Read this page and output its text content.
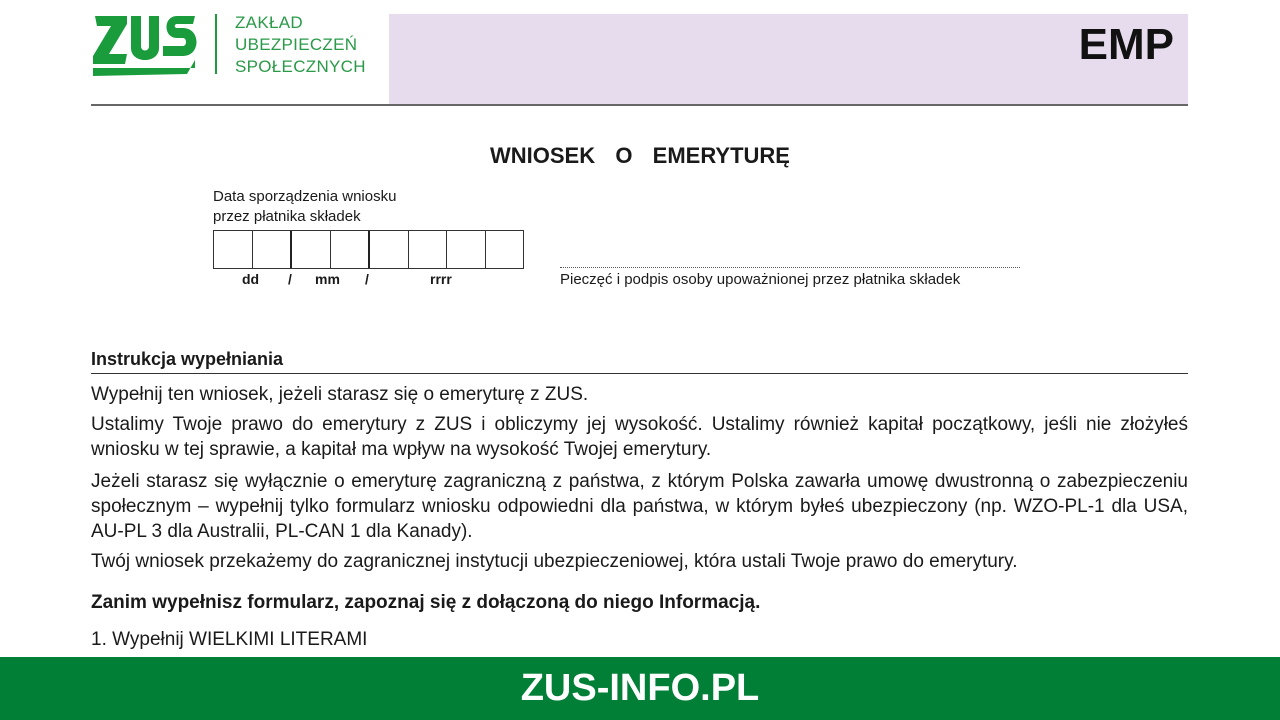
EMP
ZAKŁAD
UBEZPIECZEŃ
SPOŁECZNYCH
WNIOSEK  O  EMERYTURĘ
Data sporządzenia wniosku
przez płatnika składek
dd / mm /	rrrr	Pieczęć i podpis osoby upoważnionej przez płatnika składek
Instrukcja wypełniania
Wypełnij ten wniosek, jeżeli starasz się o emeryturę z ZUS.
Ustalimy Twoje prawo do emerytury z ZUS i obliczymy jej wysokość. Ustalimy również kapitał początkowy, jeśli nie złożyłeś wniosku w tej sprawie, a kapitał ma wpływ na wysokość Twojej emerytury.
Jeżeli starasz się wyłącznie o emeryturę zagraniczną z państwa, z którym Polska zawarła umowę dwustronną o zabezpieczeniu społecznym – wypełnij tylko formularz wniosku odpowiedni dla państwa, w którym byłeś ubezpieczony (np. WZO-PL-1 dla USA, AU-PL 3 dla Australii, PL-CAN 1 dla Kanady).
Twój wniosek przekażemy do zagranicznej instytucji ubezpieczeniowej, która ustali Twoje prawo do emerytury.
Zanim wypełnisz formularz, zapoznaj się z dołączoną do niego Informacją.
1. Wypełnij WIELKIMI LITERAMI
ZUS-INFO.PL
